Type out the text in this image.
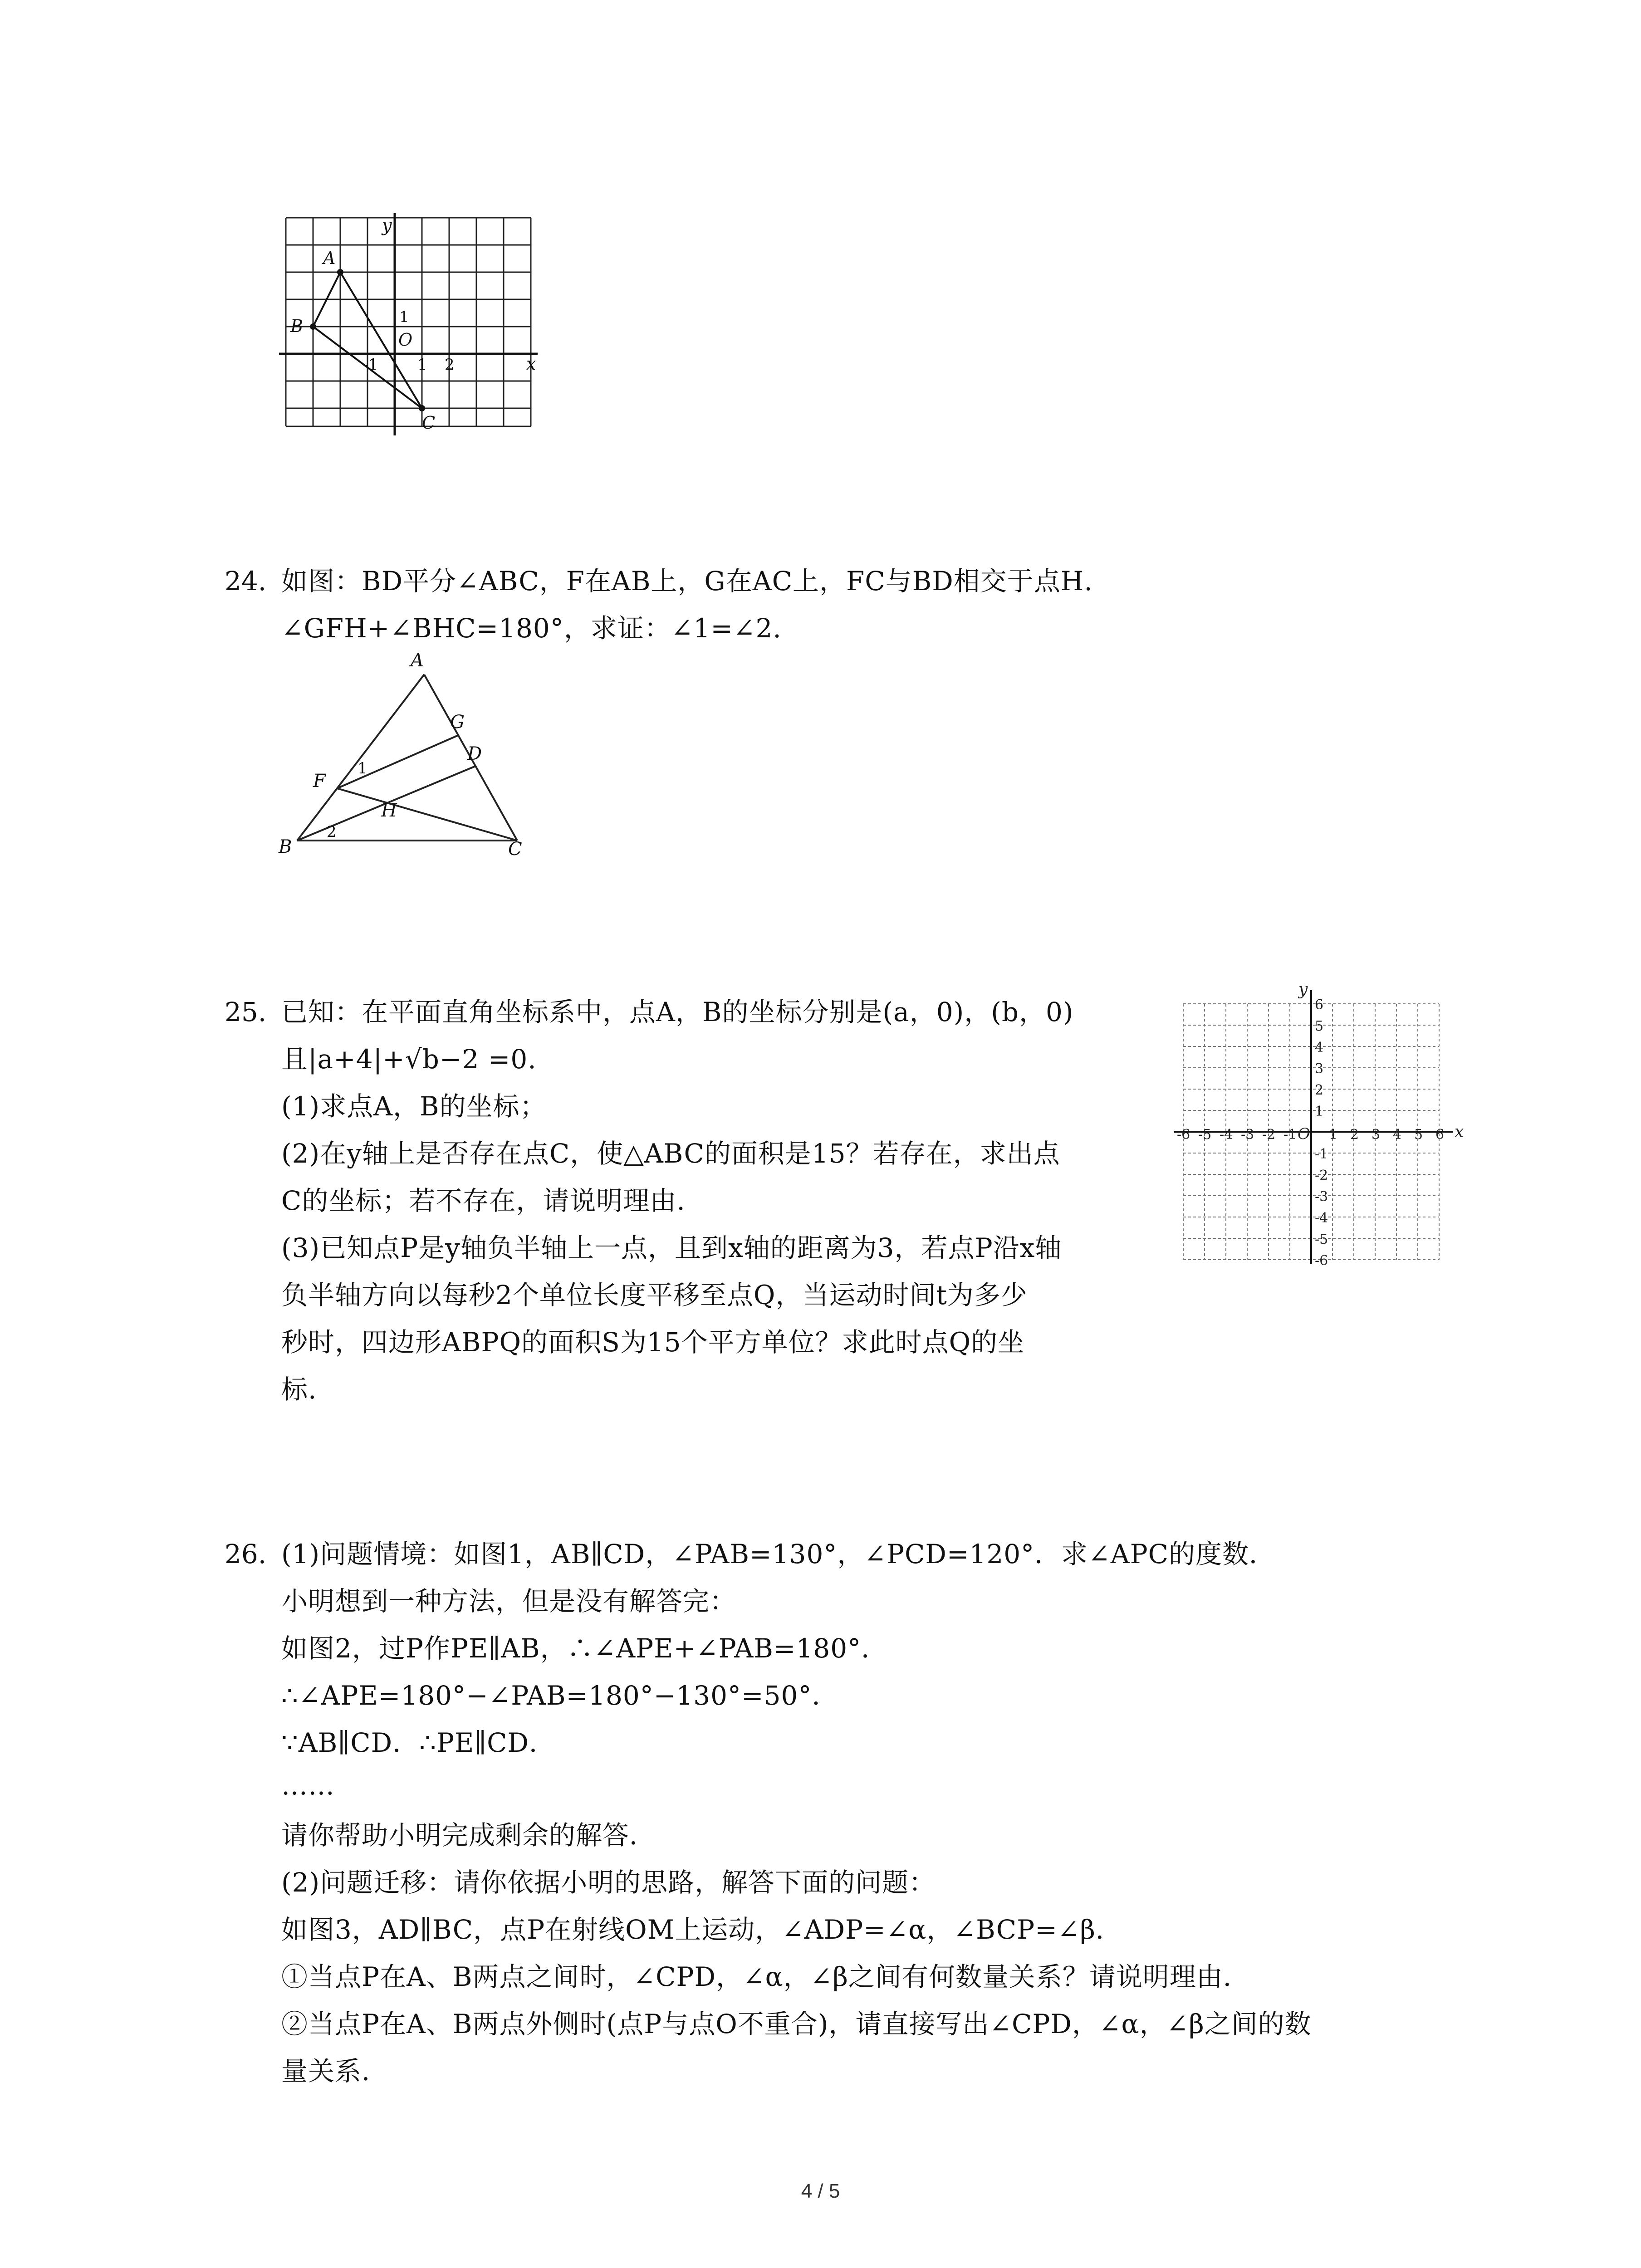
y
x
A
B
C
O
1
-1	1 2
24. 如图：BD平分∠ABC，F在AB上，G在AC上，FC与BD相交于点H.
∠GFH+∠BHC=180°，求证：∠1=∠2.
A
B	C
D
F
G
H
1
2
25. 已知：在平面直角坐标系中，点A，B的坐标分别是(a，0)，(b，0)
且|a+4|+√b−2 =0.
(1)求点A，B的坐标；
(2)在y轴上是否存在点C，使△ABC的面积是15？若存在，求出点
C的坐标；若不存在，请说明理由.
(3)已知点P是y轴负半轴上一点，且到x轴的距离为3，若点P沿x轴
负半轴方向以每秒2个单位长度平移至点Q，当运动时间t为多少
秒时，四边形ABPQ的面积S为15个平方单位？求此时点Q的坐
标.
-6 -5 -4 -3 -2 -1 1 2 3 4 5 6
6
5
4
3
2
1
-1
-2
-3
-4
-5
-6
O	x
y
26. (1)问题情境：如图1，AB∥CD，∠PAB=130°，∠PCD=120°．求∠APC的度数．
小明想到一种方法，但是没有解答完：
如图2，过P作PE∥AB，∴∠APE+∠PAB=180°．
∴∠APE=180°−∠PAB=180°−130°=50°．
∵AB∥CD．∴PE∥CD．
……
请你帮助小明完成剩余的解答．
(2)问题迁移：请你依据小明的思路，解答下面的问题：
如图3，AD∥BC，点P在射线OM上运动，∠ADP=∠α，∠BCP=∠β．
①当点P在A、B两点之间时，∠CPD，∠α，∠β之间有何数量关系？请说明理由．
②当点P在A、B两点外侧时(点P与点O不重合)，请直接写出∠CPD，∠α，∠β之间的数
量关系．
4 / 5
